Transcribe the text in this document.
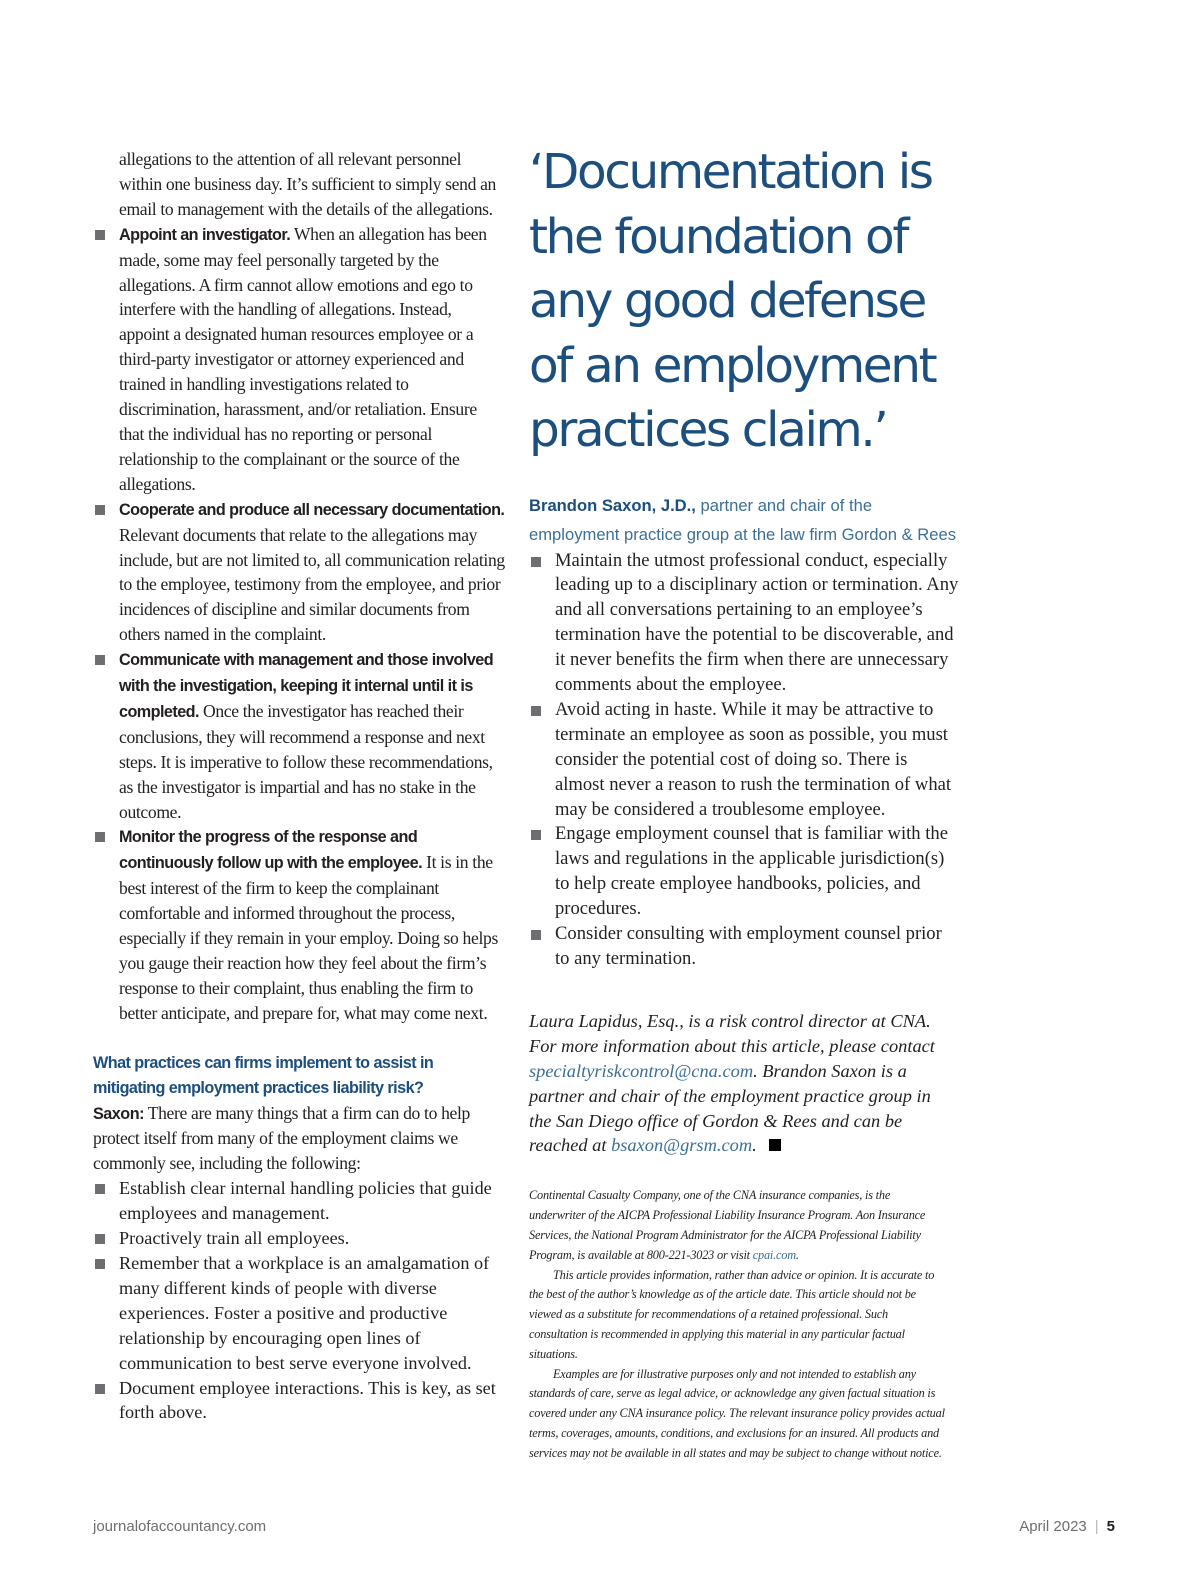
allegations to the attention of all relevant personnel within one business day. It’s sufficient to simply send an email to management with the details of the allegations.

Appoint an investigator. When an allegation has been made, some may feel personally targeted by the allegations. A firm cannot allow emotions and ego to interfere with the handling of allegations. Instead, appoint a designated human resources employee or a third-party investigator or attorney experienced and trained in handling investigations related to discrimination, harassment, and/or retaliation. Ensure that the individual has no reporting or personal relationship to the complainant or the source of the allegations.
Cooperate and produce all necessary documentation. Relevant documents that relate to the allegations may include, but are not limited to, all communication relating to the employee, testimony from the employee, and prior incidences of discipline and similar documents from others named in the complaint.
Communicate with management and those involved with the investigation, keeping it internal until it is completed. Once the investigator has reached their conclusions, they will recommend a response and next steps. It is imperative to follow these recommendations, as the investigator is impartial and has no stake in the outcome.
Monitor the progress of the response and continuously follow up with the employee. It is in the best interest of the firm to keep the complainant comfortable and informed throughout the process, especially if they remain in your employ. Doing so helps you gauge their reaction how they feel about the firm’s response to their complaint, thus enabling the firm to better anticipate, and prepare for, what may come next.
What practices can firms implement to assist in mitigating employment practices liability risk?

Saxon: There are many things that a firm can do to help protect itself from many of the employment claims we commonly see, including the following:

Establish clear internal handling policies that guide employees and management.
Proactively train all employees.
Remember that a workplace is an amalgamation of many different kinds of people with diverse experiences. Foster a positive and productive relationship by encouraging open lines of communication to best serve everyone involved.
Document employee interactions. This is key, as set forth above.

‘Documentation is the foundation of any good defense of an employment practices claim.’

Brandon Saxon, J.D., partner and chair of the employment practice group at the law firm Gordon & Rees
Maintain the utmost professional conduct, especially leading up to a disciplinary action or termination. Any and all conversations pertaining to an employee’s termination have the potential to be discoverable, and it never benefits the firm when there are unnecessary comments about the employee.
Avoid acting in haste. While it may be attractive to terminate an employee as soon as possible, you must consider the potential cost of doing so. There is almost never a reason to rush the termination of what may be considered a troublesome employee.
Engage employment counsel that is familiar with the laws and regulations in the applicable jurisdiction(s) to help create employee handbooks, policies, and procedures.
Consider consulting with employment counsel prior to any termination.

Laura Lapidus, Esq., is a risk control director at CNA. For more information about this article, please contact specialtyriskcontrol@cna.com. Brandon Saxon is a partner and chair of the employment practice group in the San Diego office of Gordon & Rees and can be reached at bsaxon@grsm.com.

Continental Casualty Company, one of the CNA insurance companies, is the underwriter of the AICPA Professional Liability Insurance Program. Aon Insurance Services, the National Program Administrator for the AICPA Professional Liability Program, is available at 800-221-3023 or visit cpai.com.

This article provides information, rather than advice or opinion. It is accurate to the best of the author’s knowledge as of the article date. This article should not be viewed as a substitute for recommendations of a retained professional. Such consultation is recommended in applying this material in any particular factual situations.

Examples are for illustrative purposes only and not intended to establish any standards of care, serve as legal advice, or acknowledge any given factual situation is covered under any CNA insurance policy. The relevant insurance policy provides actual terms, coverages, amounts, conditions, and exclusions for an insured. All products and services may not be available in all states and may be subject to change without notice.

journalofaccountancy.com	April 2023 | 5
